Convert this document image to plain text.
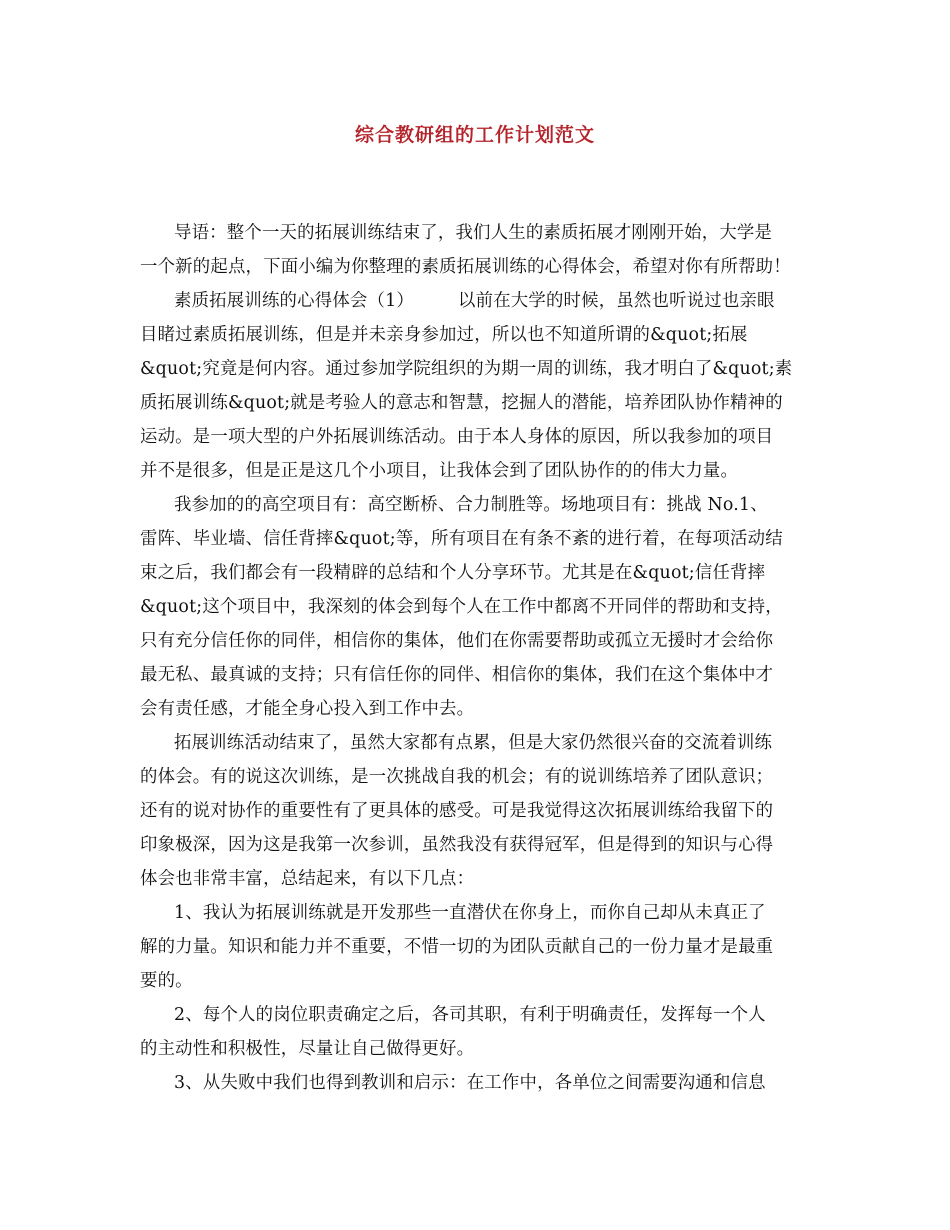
综合教研组的工作计划范文
导语：整个一天的拓展训练结束了，我们人生的素质拓展才刚刚开始，大学是
一个新的起点，下面小编为你整理的素质拓展训练的心得体会，希望对你有所帮助！
素质拓展训练的心得体会（1）　　　以前在大学的时候，虽然也听说过也亲眼
目睹过素质拓展训练，但是并未亲身参加过，所以也不知道所谓的&quot;拓展
&quot;究竟是何内容。通过参加学院组织的为期一周的训练，我才明白了&quot;素
质拓展训练&quot;就是考验人的意志和智慧，挖掘人的潜能，培养团队协作精神的
运动。是一项大型的户外拓展训练活动。由于本人身体的原因，所以我参加的项目
并不是很多，但是正是这几个小项目，让我体会到了团队协作的的伟大力量。
我参加的的高空项目有：高空断桥、合力制胜等。场地项目有：挑战 No.1、
雷阵、毕业墙、信任背摔&quot;等，所有项目在有条不紊的进行着，在每项活动结
束之后，我们都会有一段精辟的总结和个人分享环节。尤其是在&quot;信任背摔
&quot;这个项目中，我深刻的体会到每个人在工作中都离不开同伴的帮助和支持，
只有充分信任你的同伴，相信你的集体，他们在你需要帮助或孤立无援时才会给你
最无私、最真诚的支持；只有信任你的同伴、相信你的集体，我们在这个集体中才
会有责任感，才能全身心投入到工作中去。
拓展训练活动结束了，虽然大家都有点累，但是大家仍然很兴奋的交流着训练
的体会。有的说这次训练，是一次挑战自我的机会；有的说训练培养了团队意识；
还有的说对协作的重要性有了更具体的感受。可是我觉得这次拓展训练给我留下的
印象极深，因为这是我第一次参训，虽然我没有获得冠军，但是得到的知识与心得
体会也非常丰富，总结起来，有以下几点：
1、我认为拓展训练就是开发那些一直潜伏在你身上，而你自己却从未真正了
解的力量。知识和能力并不重要，不惜一切的为团队贡献自己的一份力量才是最重
要的。
2、每个人的岗位职责确定之后，各司其职，有利于明确责任，发挥每一个人
的主动性和积极性，尽量让自己做得更好。
3、从失败中我们也得到教训和启示：在工作中，各单位之间需要沟通和信息
